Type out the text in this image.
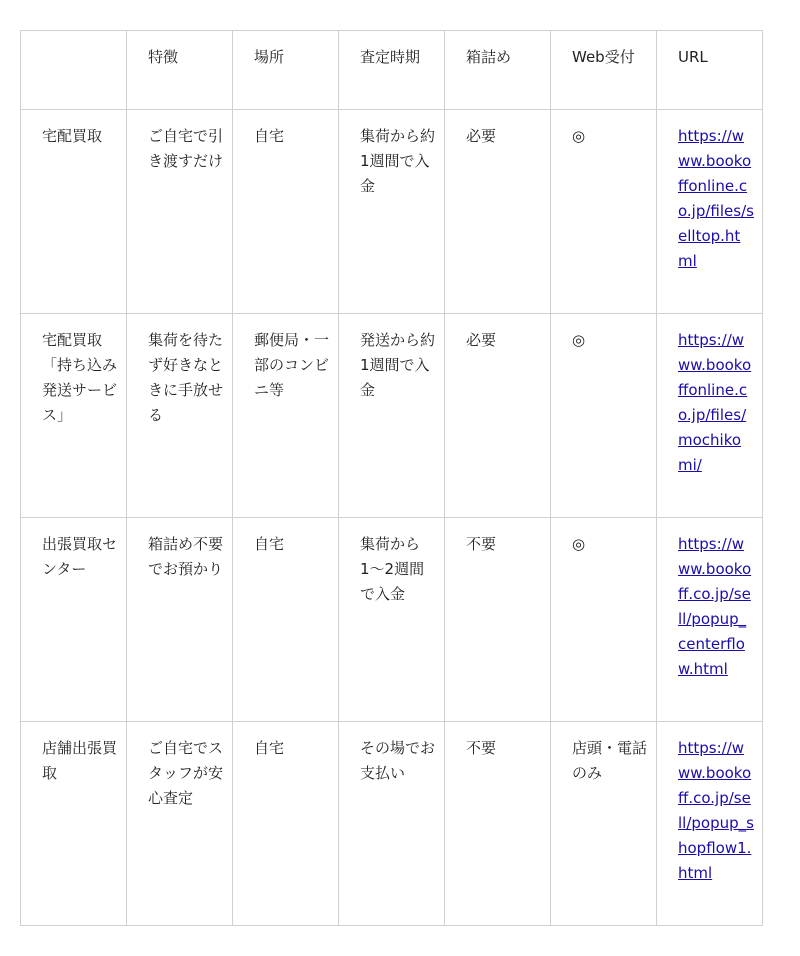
	特徴	場所	査定時期	箱詰め	Web受付	URL
宅配買取	ご自宅で引き渡すだけ	自宅	集荷から約1週間で入金	必要	◎	https://www.bookoffonline.co.jp/files/selltop.html
宅配買取「持ち込み発送サービス」	集荷を待たず好きなときに手放せる	郵便局・一部のコンビニ等	発送から約1週間で入金	必要	◎	https://www.bookoffonline.co.jp/files/mochikomi/
出張買取センター	箱詰め不要でお預かり	自宅	集荷から1〜2週間で入金	不要	◎	https://www.bookoff.co.jp/sell/popup_centerflow.html
店舗出張買取	ご自宅でスタッフが安心査定	自宅	その場でお支払い	不要	店頭・電話のみ	https://www.bookoff.co.jp/sell/popup_shopflow1.html
